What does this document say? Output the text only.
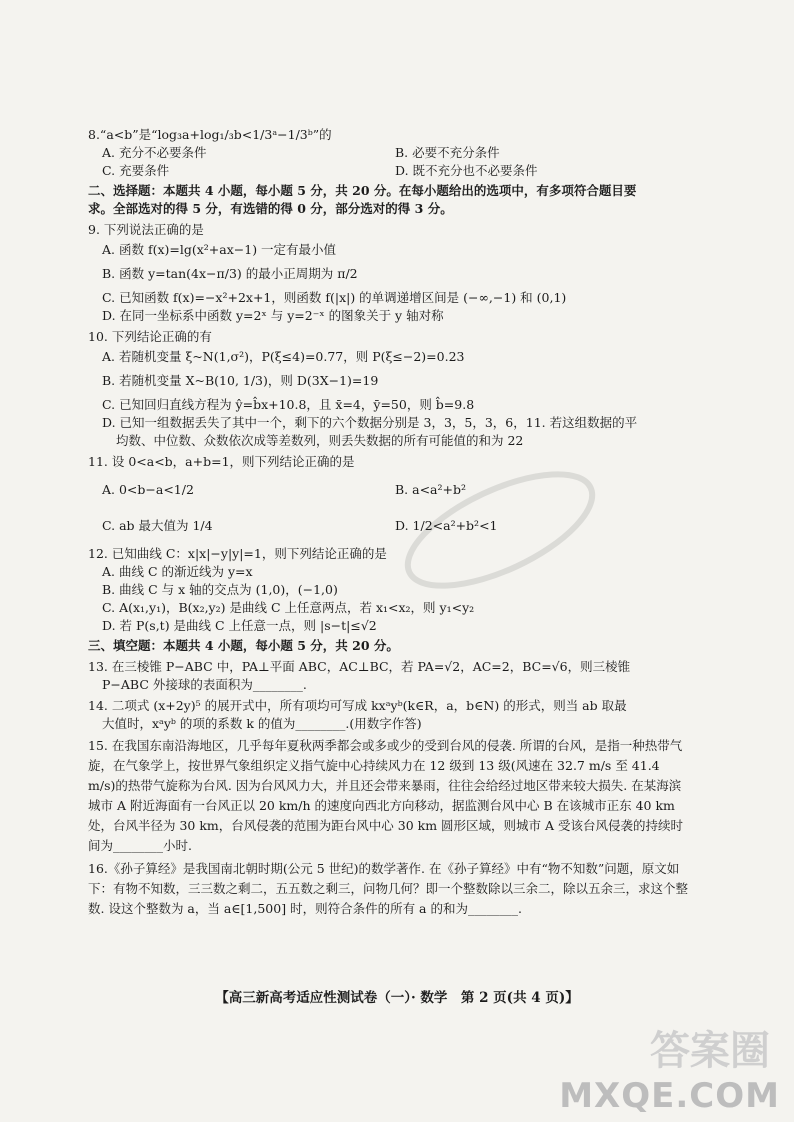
8.“a<b”是“log₃a+log₁/₃b<1/3ᵃ−1/3ᵇ”的
A. 充分不必要条件	B. 必要不充分条件
C. 充要条件	D. 既不充分也不必要条件
二、选择题：本题共 4 小题，每小题 5 分，共 20 分。在每小题给出的选项中，有多项符合题目要
求。全部选对的得 5 分，有选错的得 0 分，部分选对的得 3 分。
9. 下列说法正确的是
A. 函数 f(x)=lg(x²+ax−1) 一定有最小值
B. 函数 y=tan(4x−π/3) 的最小正周期为 π/2
C. 已知函数 f(x)=−x²+2x+1，则函数 f(|x|) 的单调递增区间是 (−∞,−1) 和 (0,1)
D. 在同一坐标系中函数 y=2ˣ 与 y=2⁻ˣ 的图象关于 y 轴对称
10. 下列结论正确的有
A. 若随机变量 ξ~N(1,σ²)，P(ξ≤4)=0.77，则 P(ξ≤−2)=0.23
B. 若随机变量 X~B(10, 1/3)，则 D(3X−1)=19
C. 已知回归直线方程为 ŷ=b̂x+10.8，且 x̄=4，ȳ=50，则 b̂=9.8
D. 已知一组数据丢失了其中一个，剩下的六个数据分别是 3，3，5，3，6，11. 若这组数据的平
均数、中位数、众数依次成等差数列，则丢失数据的所有可能值的和为 22
11. 设 0<a<b，a+b=1，则下列结论正确的是
A. 0<b−a<1/2	B. a<a²+b²
C. ab 最大值为 1/4	D. 1/2<a²+b²<1
12. 已知曲线 C：x|x|−y|y|=1，则下列结论正确的是
A. 曲线 C 的渐近线为 y=x
B. 曲线 C 与 x 轴的交点为 (1,0)，(−1,0)
C. A(x₁,y₁)，B(x₂,y₂) 是曲线 C 上任意两点，若 x₁<x₂，则 y₁<y₂
D. 若 P(s,t) 是曲线 C 上任意一点，则 |s−t|≤√2
三、填空题：本题共 4 小题，每小题 5 分，共 20 分。
13. 在三棱锥 P−ABC 中，PA⊥平面 ABC，AC⊥BC，若 PA=√2，AC=2，BC=√6，则三棱锥
P−ABC 外接球的表面积为________.
14. 二项式 (x+2y)⁵ 的展开式中，所有项均可写成 kxᵃyᵇ(k∈R，a，b∈N) 的形式，则当 ab 取最
大值时，xᵃyᵇ 的项的系数 k 的值为________.(用数字作答)
15. 在我国东南沿海地区，几乎每年夏秋两季都会或多或少的受到台风的侵袭. 所谓的台风，是指一种热带气旋，在气象学上，按世界气象组织定义指气旋中心持续风力在 12 级到 13 级(风速在 32.7 m/s 至 41.4 m/s)的热带气旋称为台风. 因为台风风力大，并且还会带来暴雨，往往会给经过地区带来较大损失. 在某海滨城市 A 附近海面有一台风正以 20 km/h 的速度向西北方向移动，据监测台风中心 B 在该城市正东 40 km 处，台风半径为 30 km，台风侵袭的范围为距台风中心 30 km 圆形区域，则城市 A 受该台风侵袭的持续时间为________小时.
16.《孙子算经》是我国南北朝时期(公元 5 世纪)的数学著作. 在《孙子算经》中有“物不知数”问题，原文如下：有物不知数，三三数之剩二，五五数之剩三，问物几何？即一个整数除以三余二，除以五余三，求这个整数. 设这个整数为 a，当 a∈[1,500] 时，则符合条件的所有 a 的和为________.
【高三新高考适应性测试卷（一）· 数学　第 2 页(共 4 页)】
答案圈
MXQE.COM
